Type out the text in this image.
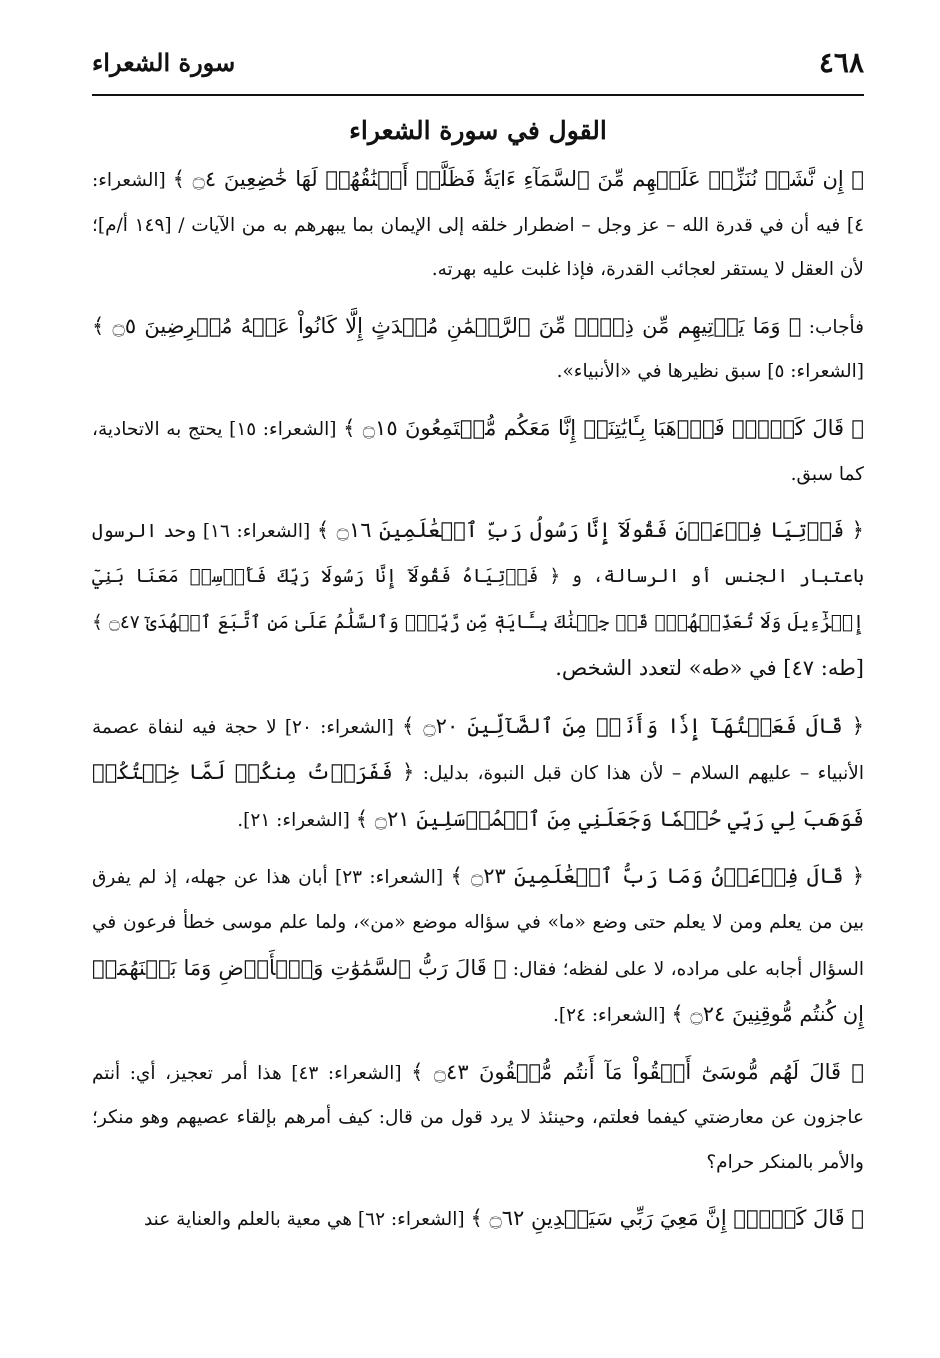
٤٦٨
سورة الشعراء
القول في سورة الشعراء

﴿ إِن نَّشَأۡ نُنَزِّلۡ عَلَيۡهِم مِّنَ ٱلسَّمَآءِ ءَايَةٗ فَظَلَّتۡ أَعۡنَٰقُهُمۡ لَهَا خَٰضِعِينَ ۝٤ ﴾ [الشعراء: ٤] فيه أن في قدرة الله – عز وجل – اضطرار خلقه إلى الإيمان بما يبهرهم به من الآيات / [١٤٩ أ/م]؛ لأن العقل لا يستقر لعجائب القدرة، فإذا غلبت عليه بهرته.

فأجاب: ﴿ وَمَا يَأۡتِيهِم مِّن ذِكۡرٖ مِّنَ ٱلرَّحۡمَٰنِ مُحۡدَثٍ إِلَّا كَانُواْ عَنۡهُ مُعۡرِضِينَ ۝٥ ﴾ [الشعراء: ٥] سبق نظيرها في «الأنبياء».

﴿ قَالَ كَلَّاۖ فَٱذۡهَبَا بِـَٔايَٰتِنَآۖ إِنَّا مَعَكُم مُّسۡتَمِعُونَ ۝١٥ ﴾ [الشعراء: ١٥] يحتج به الاتحادية، كما سبق.

﴿ فَأۡتِيَا فِرۡعَوۡنَ فَقُولَآ إِنَّا رَسُولُ رَبِّ ٱلۡعَٰلَمِينَ ۝١٦ ﴾ [الشعراء: ١٦] وحد الرسول باعتبار الجنس أو الرسالة، و ﴿ فَأۡتِيَاهُ فَقُولَآ إِنَّا رَسُولَا رَبِّكَ فَأَرۡسِلۡ مَعَنَا بَنِيٓ إِسۡرَٰٓءِيلَ وَلَا تُعَذِّبۡهُمۡۖ قَدۡ جِئۡنَٰكَ بِـَٔايَةٖ مِّن رَّبِّكَۖ وَٱلسَّلَٰمُ عَلَىٰ مَنِ ٱتَّبَعَ ٱلۡهُدَىٰٓ ۝٤٧ ﴾ [طه: ٤٧] في «طه» لتعدد الشخص.

﴿ قَالَ فَعَلۡتُهَآ إِذٗا وَأَنَا۠ مِنَ ٱلضَّآلِّينَ ۝٢٠ ﴾ [الشعراء: ٢٠] لا حجة فيه لنفاة عصمة الأنبياء – عليهم السلام – لأن هذا كان قبل النبوة، بدليل: ﴿ فَفَرَرۡتُ مِنكُمۡ لَمَّا خِفۡتُكُمۡ فَوَهَبَ لِي رَبِّي حُكۡمٗا وَجَعَلَنِي مِنَ ٱلۡمُرۡسَلِينَ ۝٢١ ﴾ [الشعراء: ٢١].

﴿ قَالَ فِرۡعَوۡنُ وَمَا رَبُّ ٱلۡعَٰلَمِينَ ۝٢٣ ﴾ [الشعراء: ٢٣] أبان هذا عن جهله، إذ لم يفرق بين من يعلم ومن لا يعلم حتى وضع «ما» في سؤاله موضع «من»، ولما علم موسى خطأ فرعون في السؤال أجابه على مراده، لا على لفظه؛ فقال: ﴿ قَالَ رَبُّ ٱلسَّمَٰوَٰتِ وَٱلۡأَرۡضِ وَمَا بَيۡنَهُمَآۖ إِن كُنتُم مُّوقِنِينَ ۝٢٤ ﴾ [الشعراء: ٢٤].

﴿ قَالَ لَهُم مُّوسَىٰٓ أَلۡقُواْ مَآ أَنتُم مُّلۡقُونَ ۝٤٣ ﴾ [الشعراء: ٤٣] هذا أمر تعجيز، أي: أنتم عاجزون عن معارضتي كيفما فعلتم، وحينئذ لا يرد قول من قال: كيف أمرهم بإلقاء عصيهم وهو منكر؛ والأمر بالمنكر حرام؟

﴿ قَالَ كَلَّآۖ إِنَّ مَعِيَ رَبِّي سَيَهۡدِينِ ۝٦٢ ﴾ [الشعراء: ٦٢] هي معية بالعلم والعناية عند
